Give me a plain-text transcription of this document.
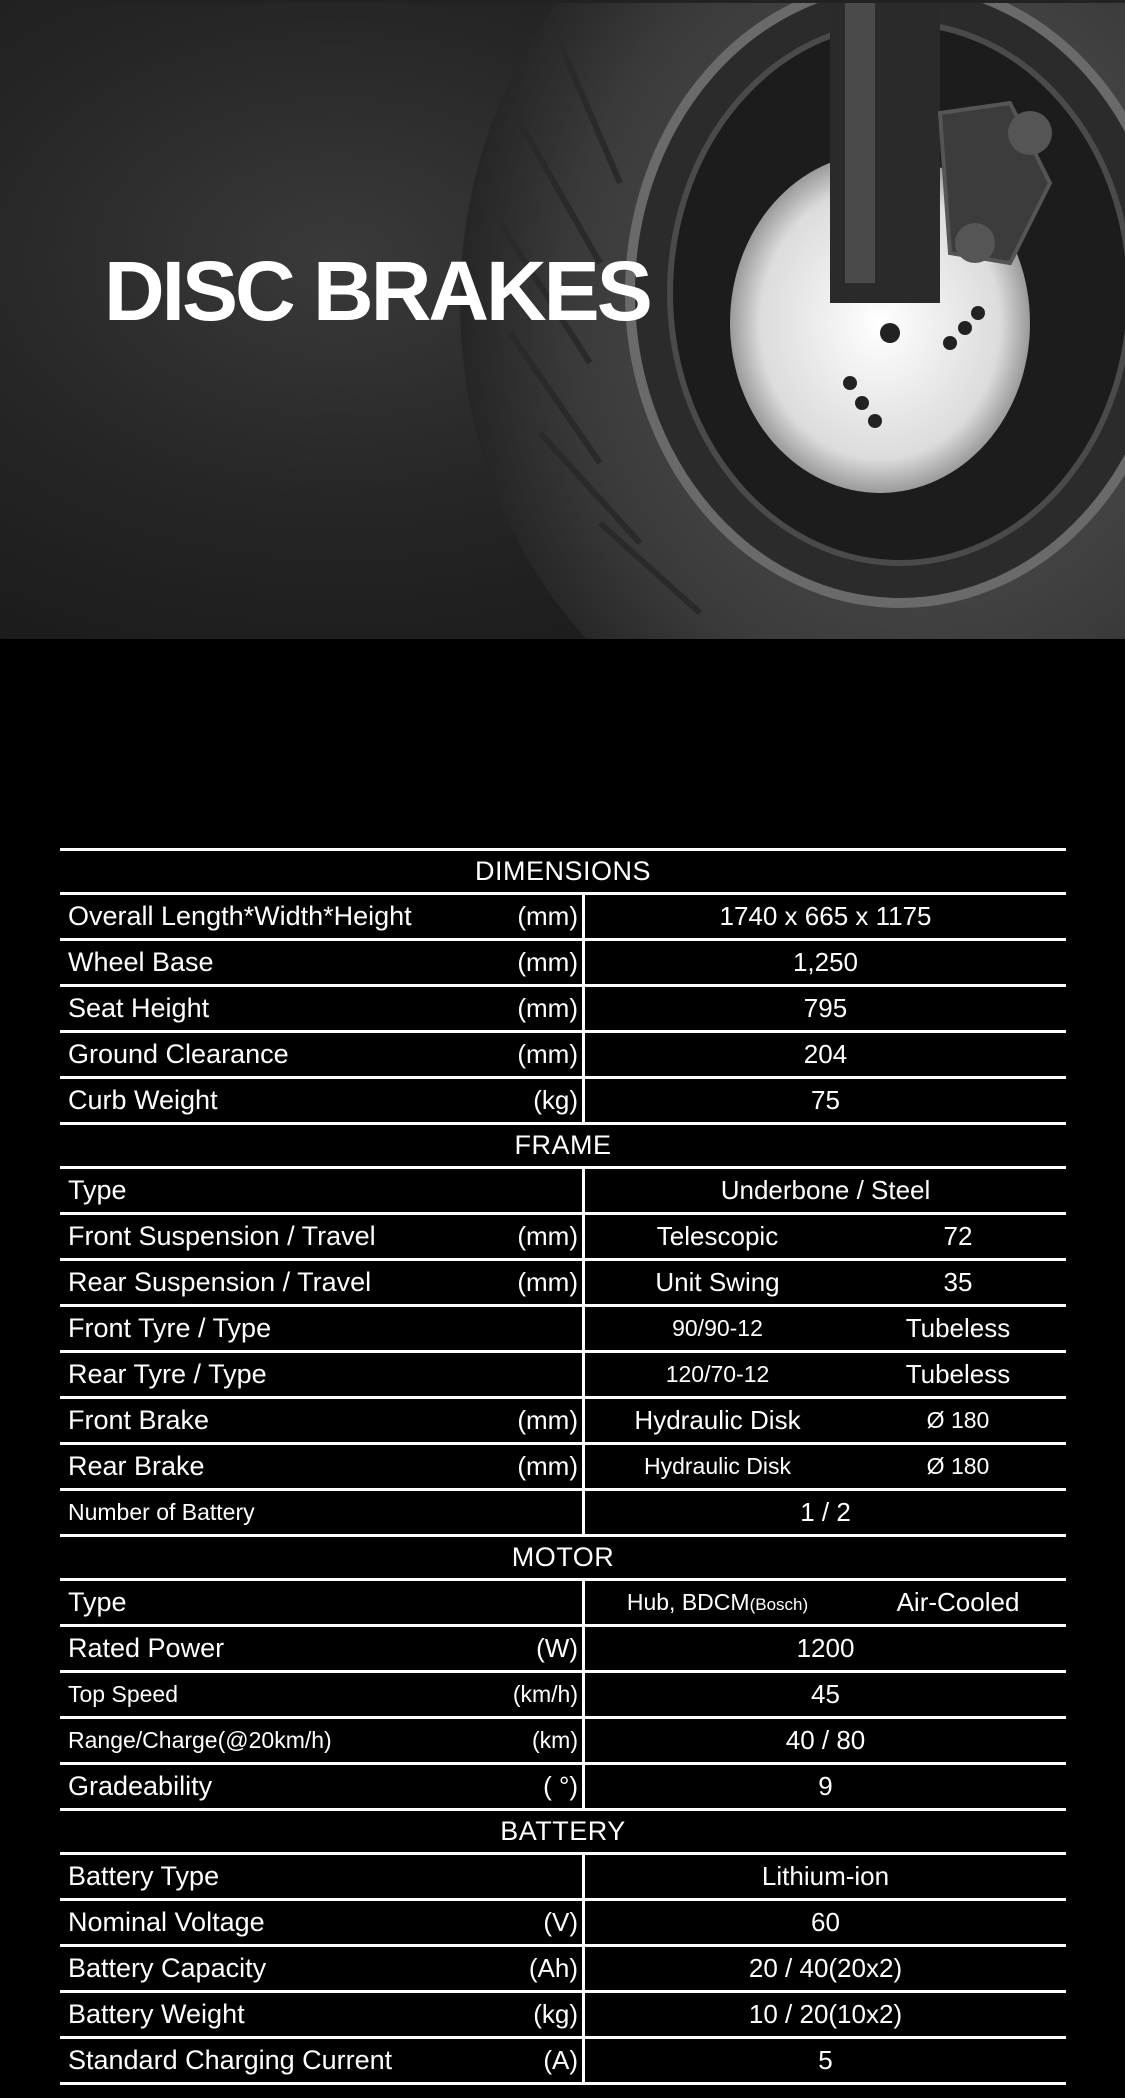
DISC BRAKES
DIMENSIONS			
Overall Length*Width*Height	(mm)	1740 x 665 x 1175	
Wheel Base	(mm)	1,250	
Seat Height	(mm)	795	
Ground Clearance	(mm)	204	
Curb Weight	(kg)	75	
FRAME			
Type		Underbone / Steel	
Front Suspension / Travel	(mm)	Telescopic	72
Rear Suspension / Travel	(mm)	Unit Swing	35
Front Tyre / Type		90/90-12	Tubeless
Rear Tyre / Type		120/70-12	Tubeless
Front Brake	(mm)	Hydraulic Disk	Ø 180
Rear Brake	(mm)	Hydraulic Disk	Ø 180
Number of Battery		1 / 2	
MOTOR			
Type		Hub, BDCM(Bosch)	Air-Cooled
Rated Power	(W)	1200	
Top Speed	(km/h)	45	
Range/Charge(@20km/h)	(km)	40 / 80	
Gradeability	( °)	9	
BATTERY			
Battery Type		Lithium-ion	
Nominal Voltage	(V)	60	
Battery Capacity	(Ah)	20 / 40(20x2)	
Battery Weight	(kg)	10 / 20(10x2)	
Standard Charging Current	(A)	5	
